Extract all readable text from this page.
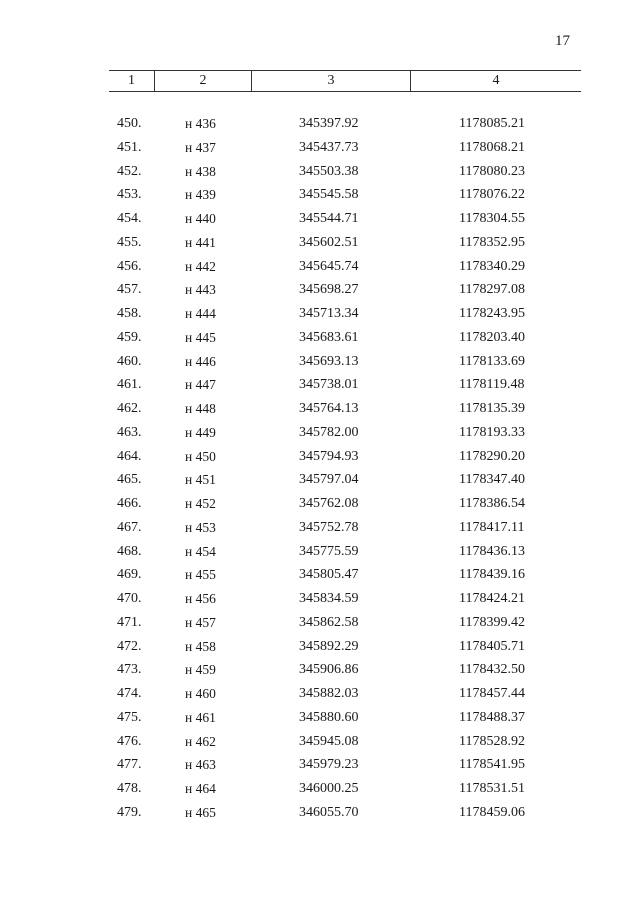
17
1	2	3	4
450.	н 436	345397.92	1178085.21
451.	н 437	345437.73	1178068.21
452.	н 438	345503.38	1178080.23
453.	н 439	345545.58	1178076.22
454.	н 440	345544.71	1178304.55
455.	н 441	345602.51	1178352.95
456.	н 442	345645.74	1178340.29
457.	н 443	345698.27	1178297.08
458.	н 444	345713.34	1178243.95
459.	н 445	345683.61	1178203.40
460.	н 446	345693.13	1178133.69
461.	н 447	345738.01	1178119.48
462.	н 448	345764.13	1178135.39
463.	н 449	345782.00	1178193.33
464.	н 450	345794.93	1178290.20
465.	н 451	345797.04	1178347.40
466.	н 452	345762.08	1178386.54
467.	н 453	345752.78	1178417.11
468.	н 454	345775.59	1178436.13
469.	н 455	345805.47	1178439.16
470.	н 456	345834.59	1178424.21
471.	н 457	345862.58	1178399.42
472.	н 458	345892.29	1178405.71
473.	н 459	345906.86	1178432.50
474.	н 460	345882.03	1178457.44
475.	н 461	345880.60	1178488.37
476.	н 462	345945.08	1178528.92
477.	н 463	345979.23	1178541.95
478.	н 464	346000.25	1178531.51
479.	н 465	346055.70	1178459.06
